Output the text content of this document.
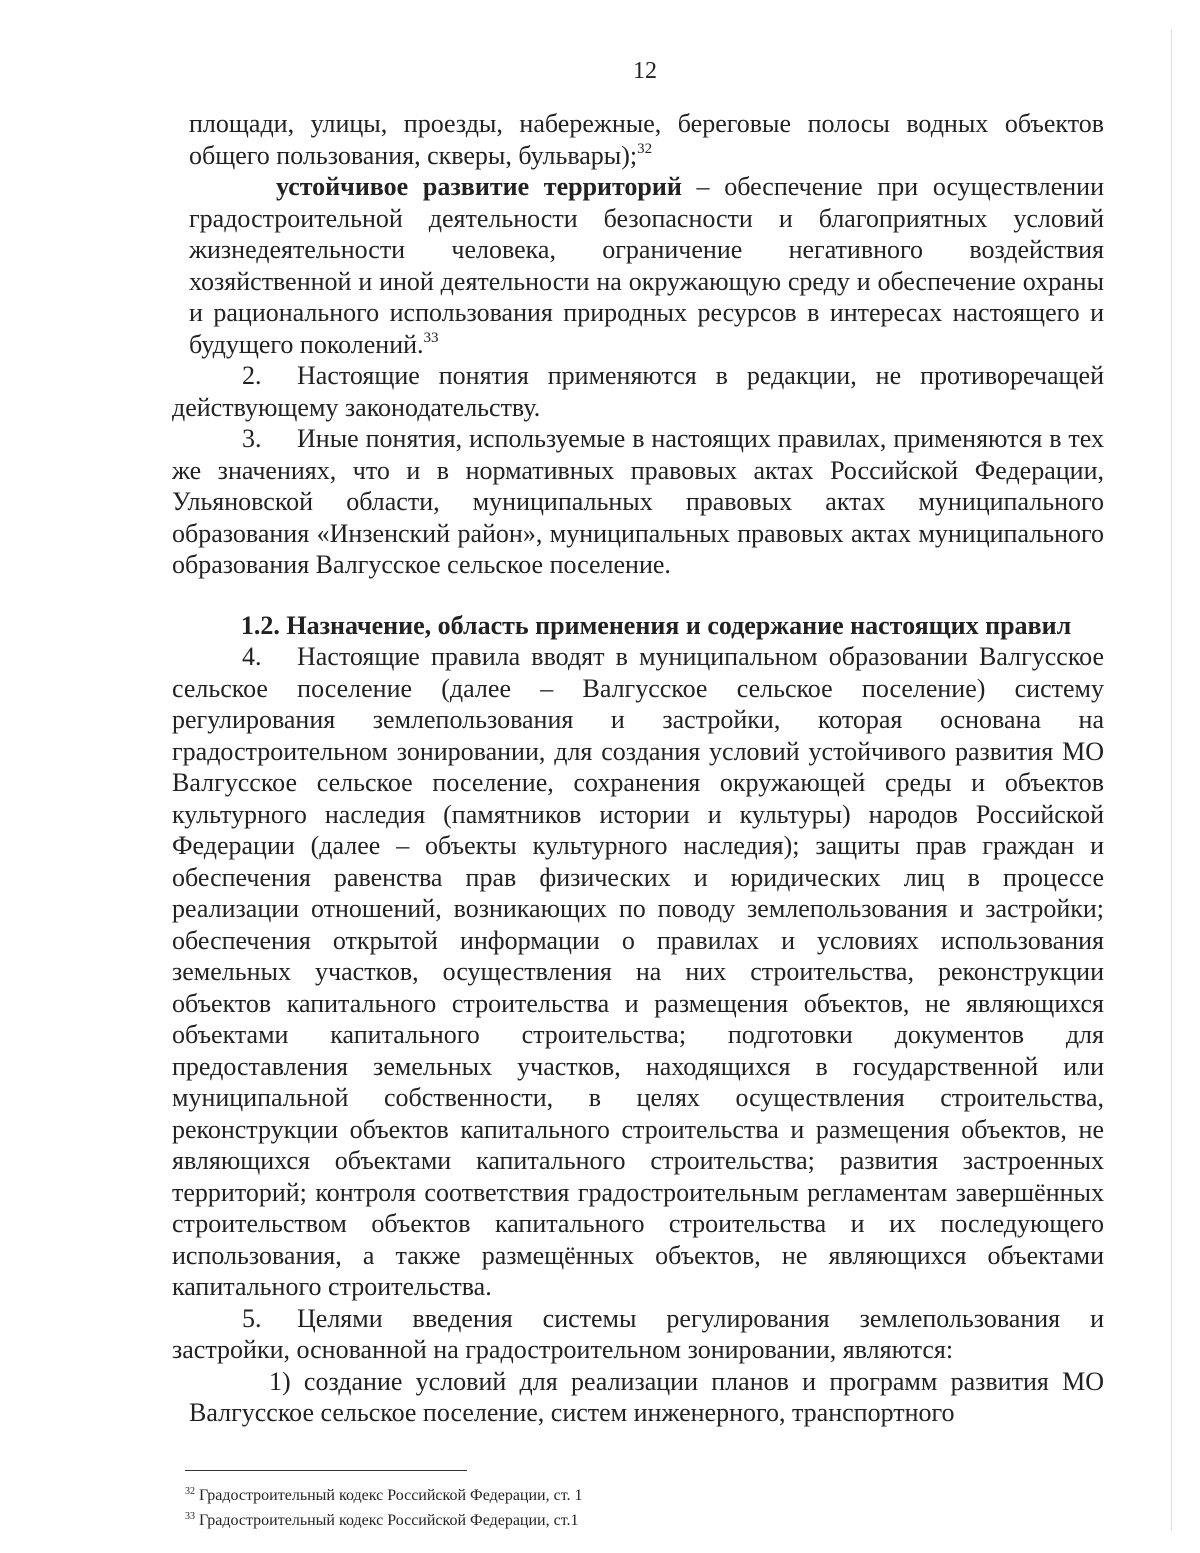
12

площади, улицы, проезды, набережные, береговые полосы водных объектов общего пользования, скверы, бульвары);$^{32}$

устойчивое развитие территорий – обеспечение при осуществлении градостроительной деятельности безопасности и благоприятных условий жизнедеятельности человека, ограничение негативного воздействия хозяйственной и иной деятельности на окружающую среду и обеспечение охраны и рационального использования природных ресурсов в интересах настоящего и будущего поколений.$^{33}$

2. Настоящие понятия применяются в редакции, не противоречащей действующему законодательству.

3. Иные понятия, используемые в настоящих правилах, применяются в тех же значениях, что и в нормативных правовых актах Российской Федерации, Ульяновской области, муниципальных правовых актах муниципального образования «Инзенский район», муниципальных правовых актах муниципального образования Валгусское сельское поселение.

1.2. Назначение, область применения и содержание настоящих правил

4. Настоящие правила вводят в муниципальном образовании Валгусское сельское поселение (далее – Валгусское сельское поселение) систему регулирования землепользования и застройки, которая основана на градостроительном зонировании, для создания условий устойчивого развития МО Валгусское сельское поселение, сохранения окружающей среды и объектов культурного наследия (памятников истории и культуры) народов Российской Федерации (далее – объекты культурного наследия); защиты прав граждан и обеспечения равенства прав физических и юридических лиц в процессе реализации отношений, возникающих по поводу землепользования и застройки; обеспечения открытой информации о правилах и условиях использования земельных участков, осуществления на них строительства, реконструкции объектов капитального строительства и размещения объектов, не являющихся объектами капитального строительства; подготовки документов для предоставления земельных участков, находящихся в государственной или муниципальной собственности, в целях осуществления строительства, реконструкции объектов капитального строительства и размещения объектов, не являющихся объектами капитального строительства; развития застроенных территорий; контроля соответствия градостроительным регламентам завершённых строительством объектов капитального строительства и их последующего использования, а также размещённых объектов, не являющихся объектами капитального строительства.

5. Целями введения системы регулирования землепользования и застройки, основанной на градостроительном зонировании, являются:

1) создание условий для реализации планов и программ развития МО Валгусское сельское поселение, систем инженерного, транспортного

$^{32}$ Градостроительный кодекс Российской Федерации, ст. 1
$^{33}$ Градостроительный кодекс Российской Федерации, ст.1
